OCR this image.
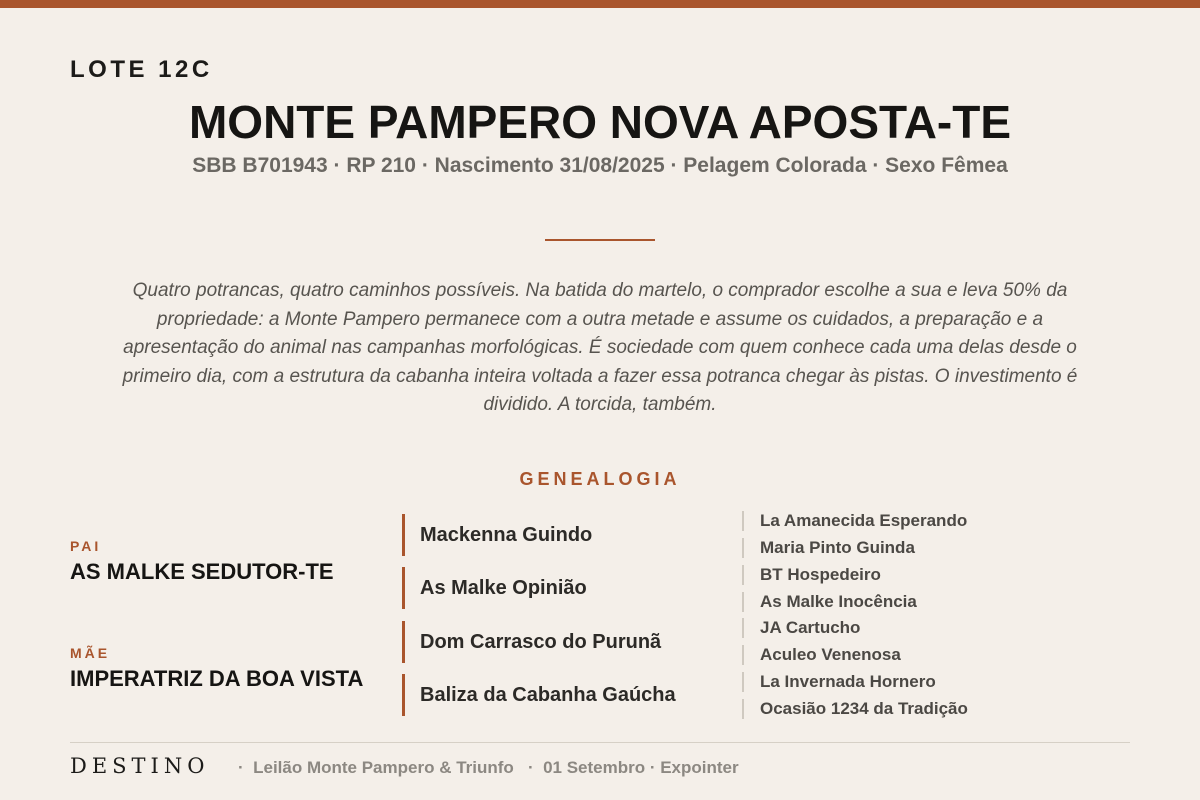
LOTE 12C
MONTE PAMPERO NOVA APOSTA-TE
SBB B701943 · RP 210 · Nascimento 31/08/2025 · Pelagem Colorada · Sexo Fêmea

Quatro potrancas, quatro caminhos possíveis. Na batida do martelo, o comprador escolhe a sua e leva 50% da propriedade: a Monte Pampero permanece com a outra metade e assume os cuidados, a preparação e a apresentação do animal nas campanhas morfológicas. É sociedade com quem conhece cada uma delas desde o primeiro dia, com a estrutura da cabanha inteira voltada a fazer essa potranca chegar às pistas. O investimento é dividido. A torcida, também.

GENEALOGIA
PAI
AS MALKE SEDUTOR-TE
MÃE
IMPERATRIZ DA BOA VISTA
Mackenna Guindo
As Malke Opinião
Dom Carrasco do Purunã
Baliza da Cabanha Gaúcha
La Amanecida Esperando
Maria Pinto Guinda
BT Hospedeiro
As Malke Inocência
JA Cartucho
Aculeo Venenosa
La Invernada Hornero
Ocasião 1234 da Tradição
DESTINO ·  Leilão Monte Pampero & Triunfo   ·  01 Setembro · Expointer
